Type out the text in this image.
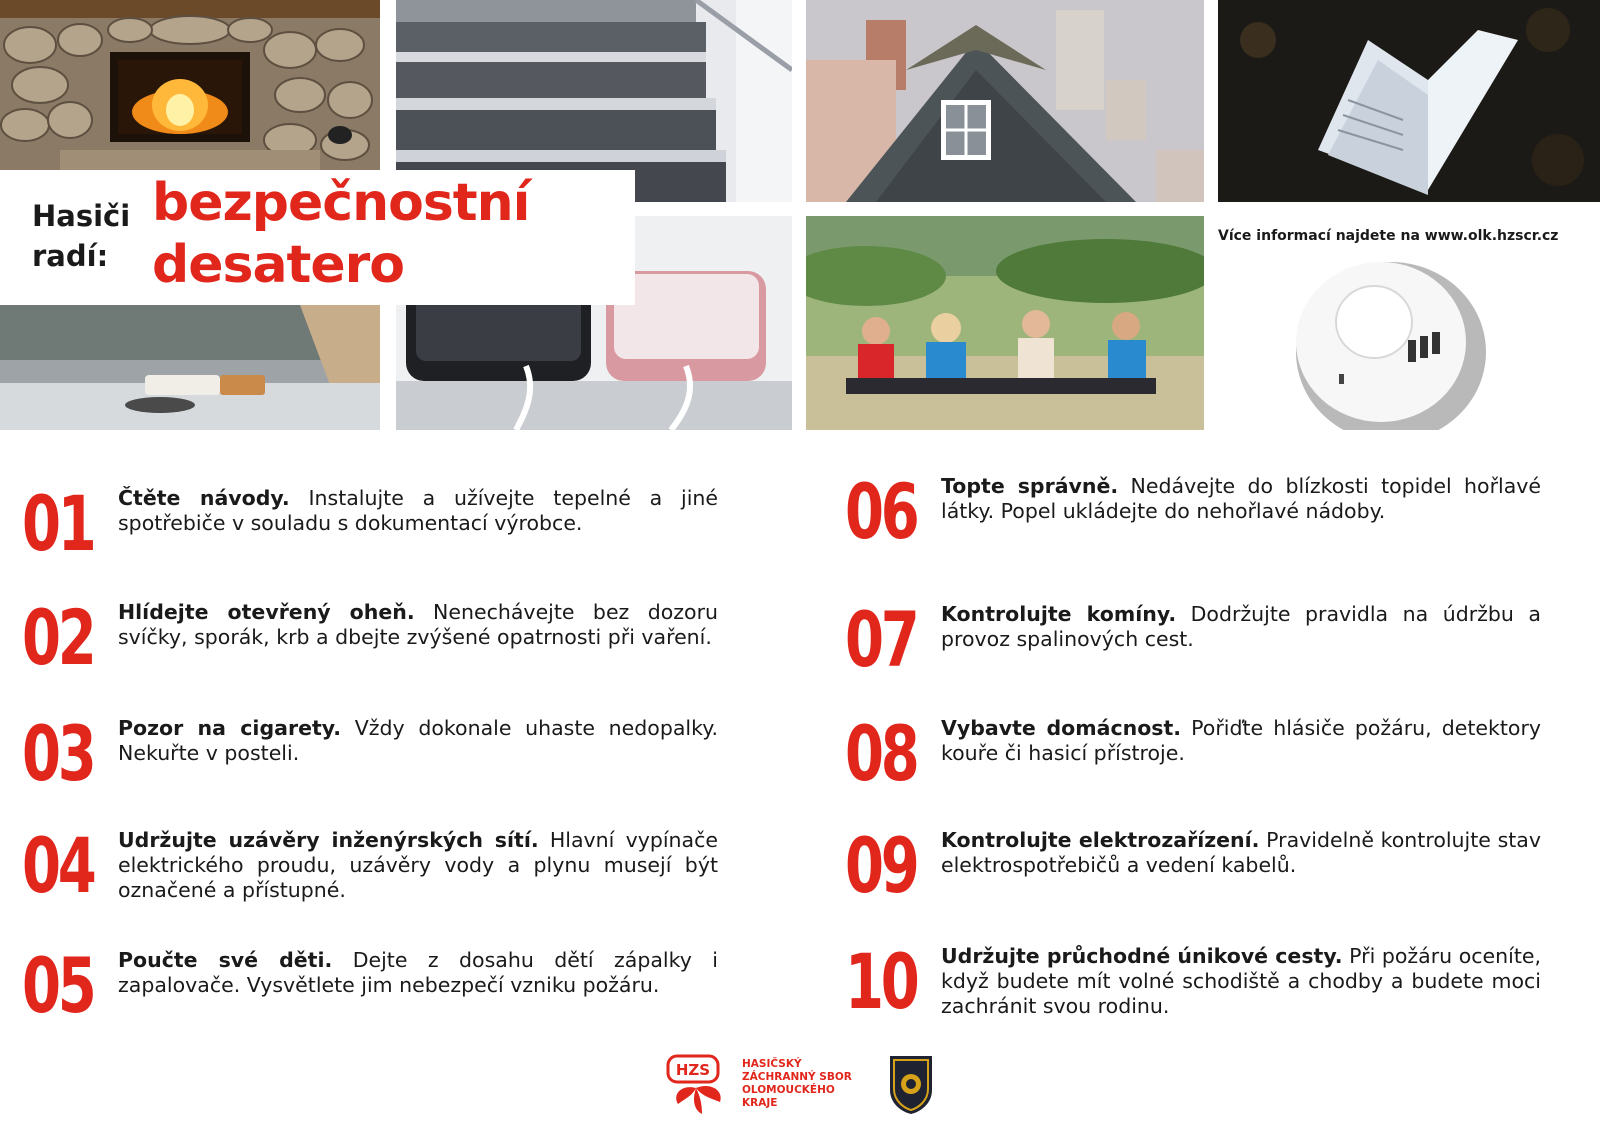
Hasiči
radí:
bezpečnostní
desatero	Více informací najdete na www.olk.hzscr.cz
01	Čtěte návody. Instalujte a užívejte tepelné a jiné spotřebiče v souladu s dokumentací výrobce.
02	Hlídejte otevřený oheň. Nenechávejte bez dozoru svíčky, sporák, krb a dbejte zvýšené opatrnosti při vaření.
03	Pozor na cigarety. Vždy dokonale uhaste nedopalky. Nekuřte v posteli.
04	Udržujte uzávěry inženýrských sítí. Hlavní vypínače elektrického proudu, uzávěry vody a plynu musejí být označené a přístupné.
05	Poučte své děti. Dejte z dosahu dětí zápalky i zapalovače. Vysvětlete jim nebezpečí vzniku požáru.
06	Topte správně. Nedávejte do blízkosti topidel hořlavé látky. Popel ukládejte do nehořlavé nádoby.
07	Kontrolujte komíny. Dodržujte pravidla na údržbu a provoz spalinových cest.
08	Vybavte domácnost. Pořiďte hlásiče požáru, detektory kouře či hasicí přístroje.
09	Kontrolujte elektrozařízení. Pravidelně kontrolujte stav elektrospotřebičů a vedení kabelů.
10	Udržujte průchodné únikové cesty. Při požáru oceníte, když budete mít volné schodiště a chodby a budete moci zachránit svou rodinu.
HZS	HASIČSKÝ
ZÁCHRANNÝ SBOR
OLOMOUCKÉHO
KRAJE
